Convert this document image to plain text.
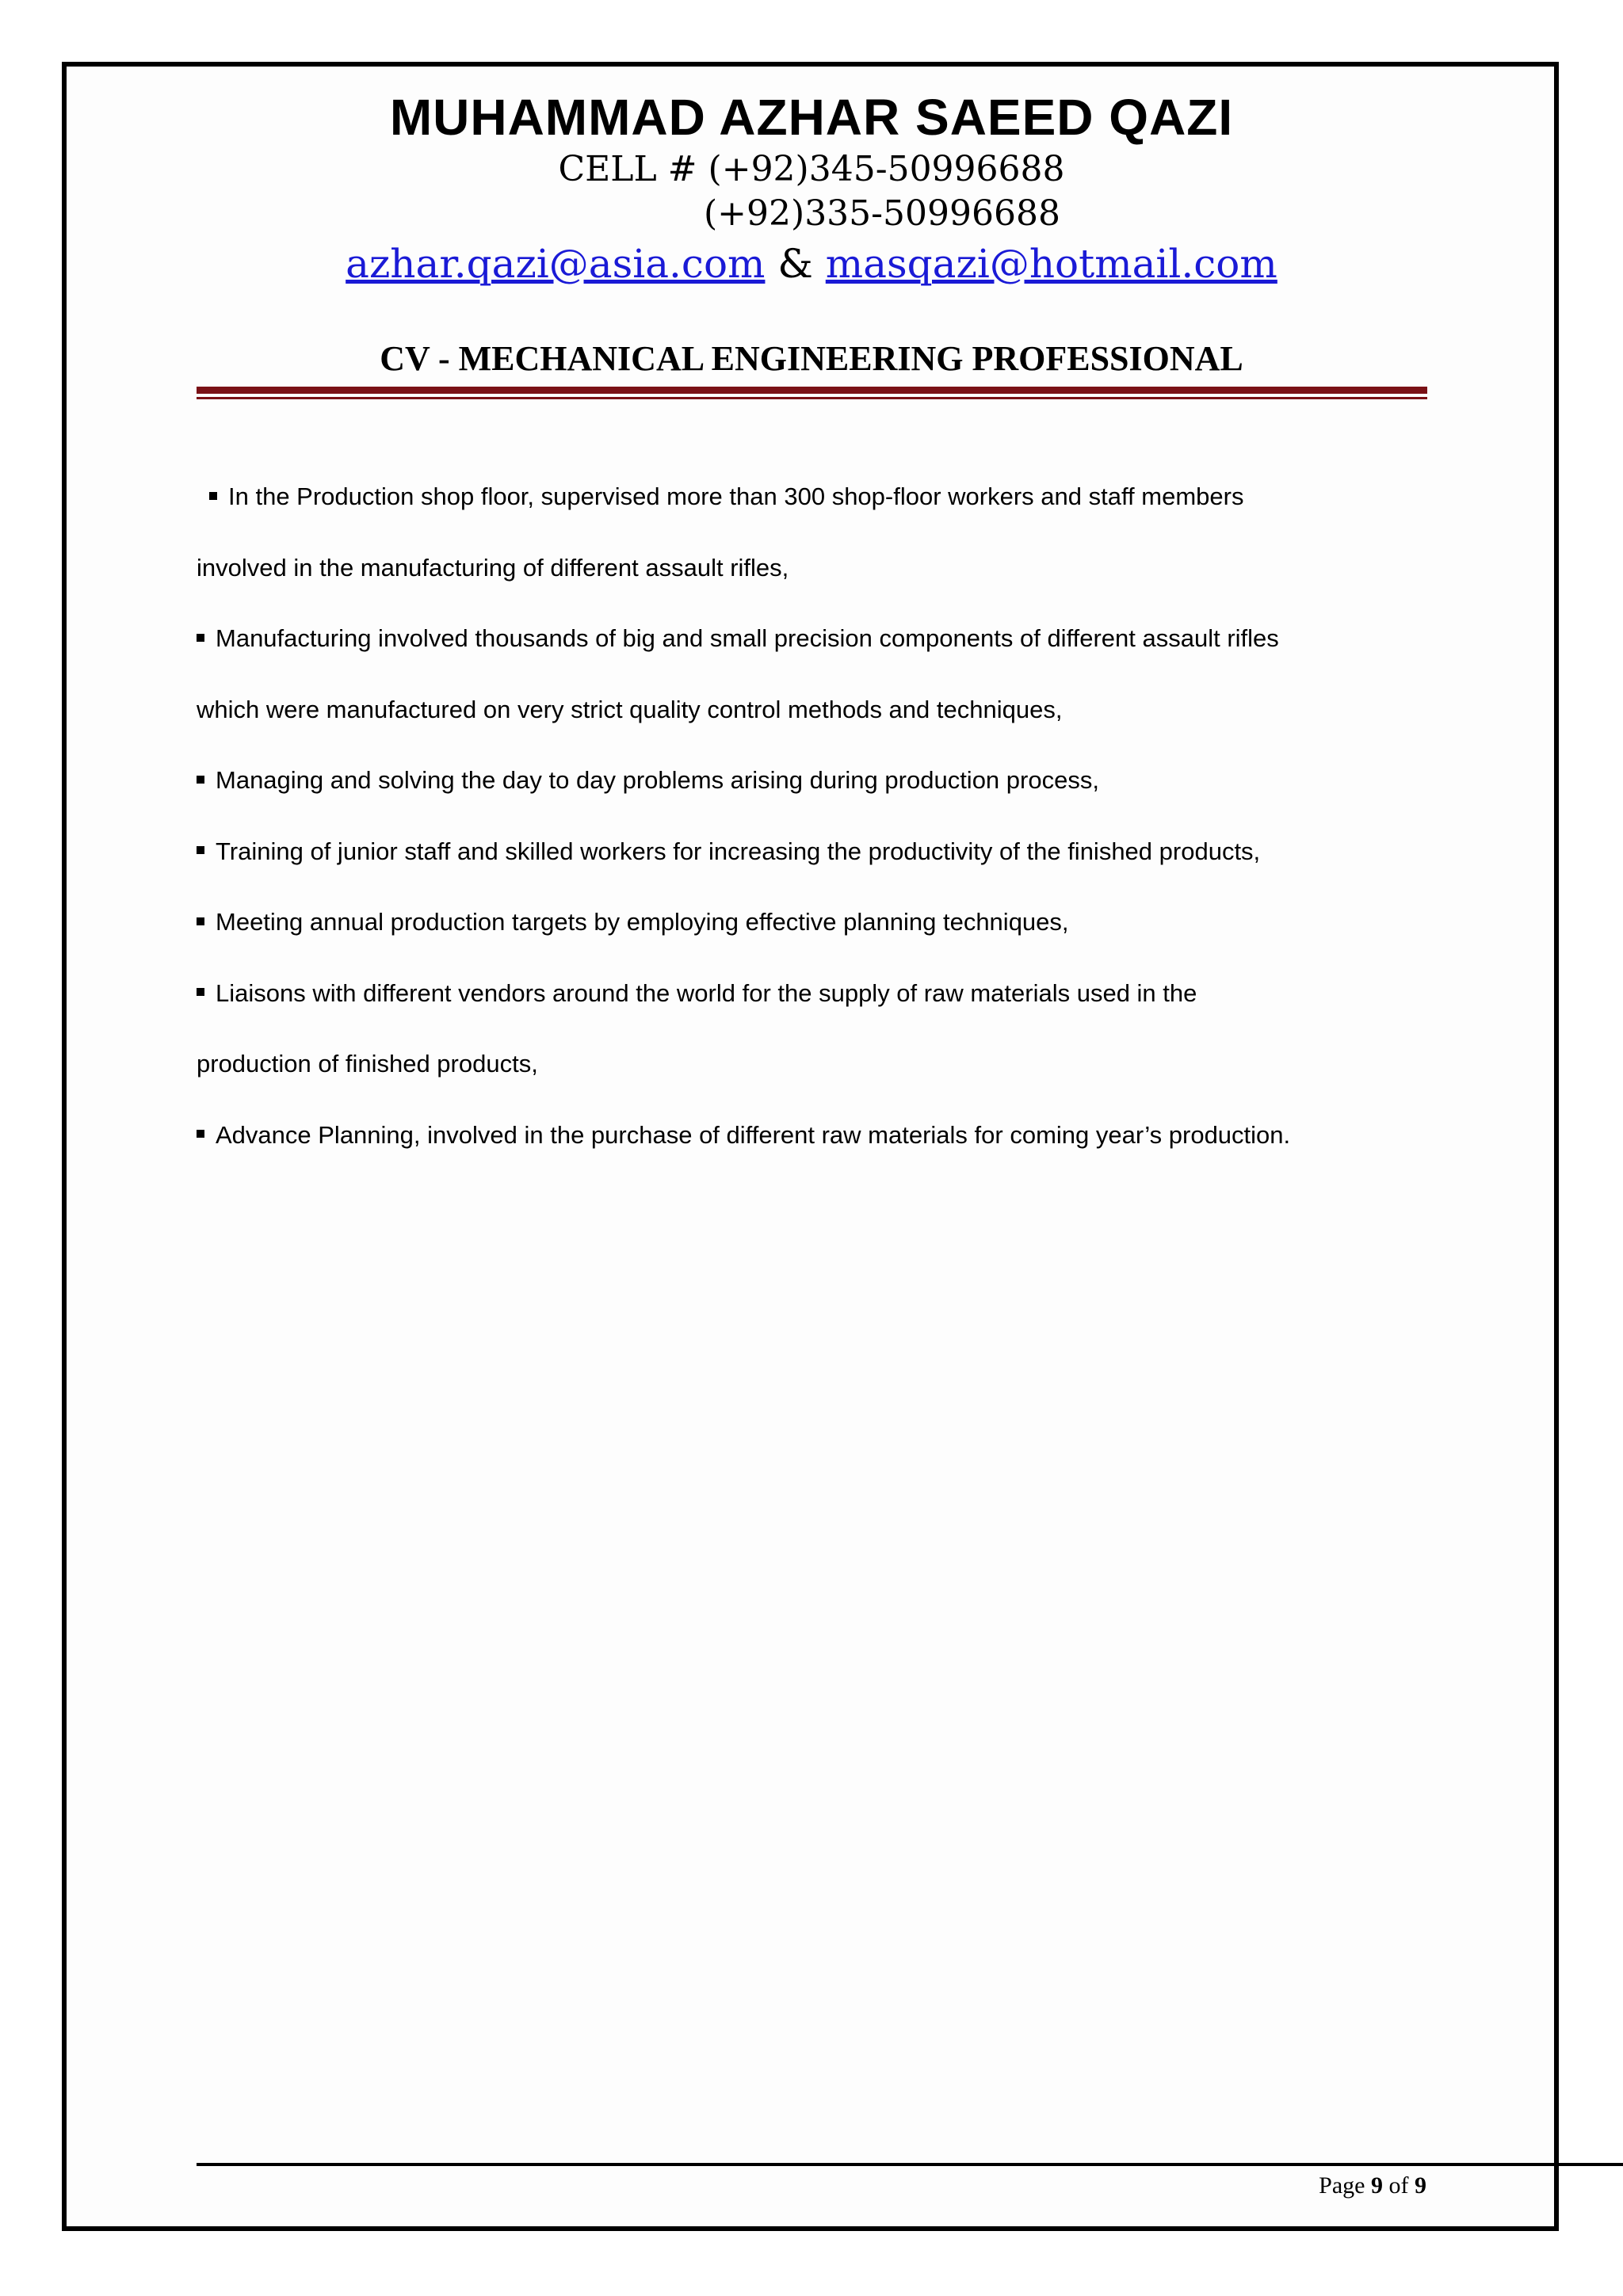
MUHAMMAD AZHAR SAEED QAZI
CELL # (+92)345-50996688
(+92)335-50996688
azhar.qazi@asia.com & masqazi@hotmail.com
CV - MECHANICAL ENGINEERING PROFESSIONAL

In the Production shop floor, supervised more than 300 shop-floor workers and staff members

involved in the manufacturing of different assault rifles,

Manufacturing involved thousands of big and small precision components of different assault rifles

which were manufactured on very strict quality control methods and techniques,

Managing and solving the day to day problems arising during production process,

Training of junior staff and skilled workers for increasing the productivity of the finished products,

Meeting annual production targets by employing effective planning techniques,

Liaisons with different vendors around the world for the supply of raw materials used in the

production of finished products,

Advance Planning, involved in the purchase of different raw materials for coming year’s production.

Page 9 of 9
